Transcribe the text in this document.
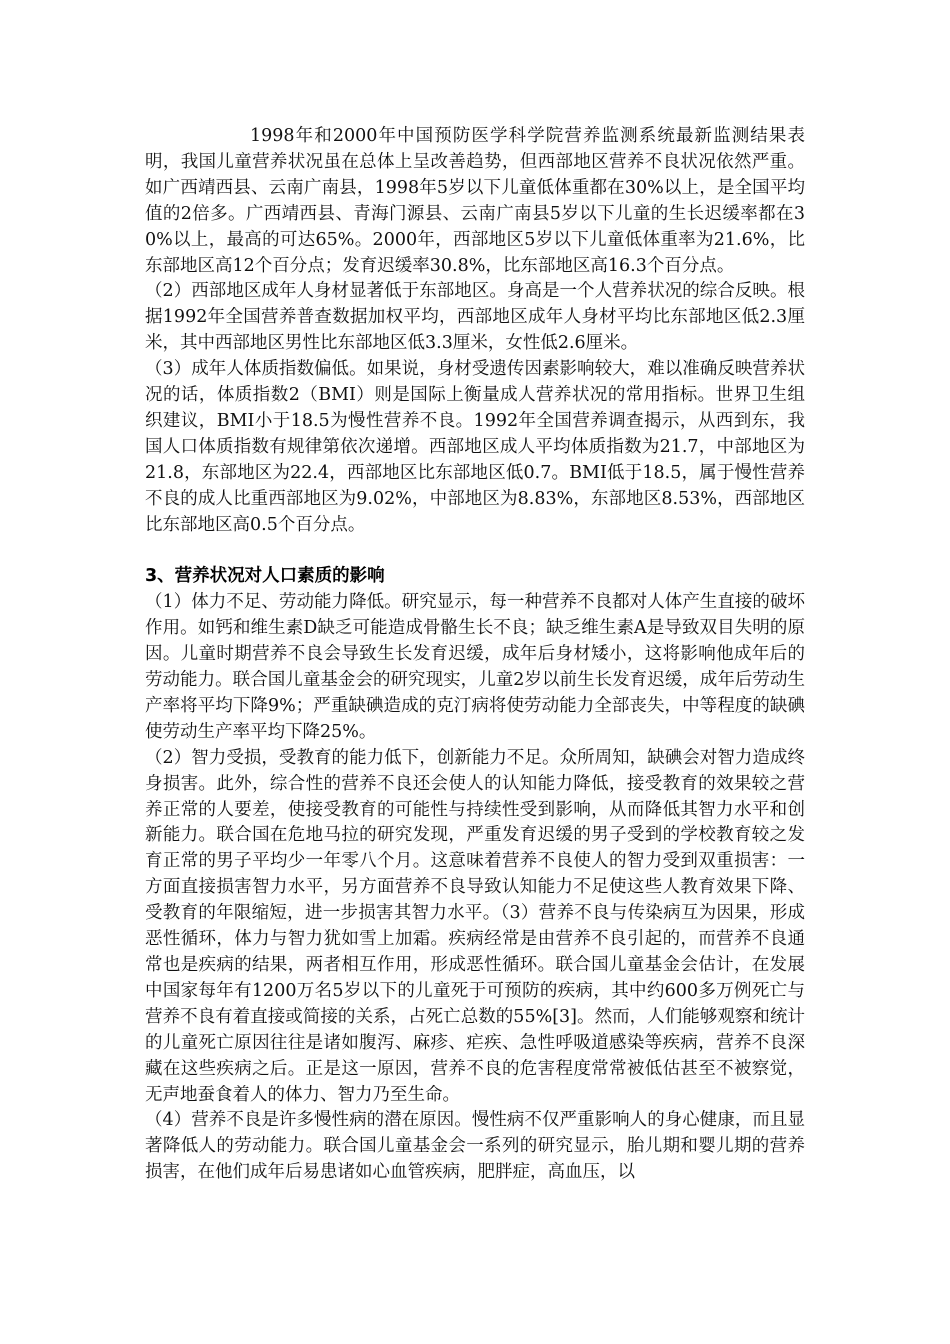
1998年和2000年中国预防医学科学院营养监测系统最新监测结果表明，我国儿童营养状况虽在总体上呈改善趋势，但西部地区营养不良状况依然严重。如广西靖西县、云南广南县，1998年5岁以下儿童低体重都在30%以上，是全国平均值的2倍多。广西靖西县、青海门源县、云南广南县5岁以下儿童的生长迟缓率都在30%以上，最高的可达65%。2000年，西部地区5岁以下儿童低体重率为21.6%，比东部地区高12个百分点；发育迟缓率30.8%，比东部地区高16.3个百分点。

（2）西部地区成年人身材显著低于东部地区。身高是一个人营养状况的综合反映。根据1992年全国营养普查数据加权平均，西部地区成年人身材平均比东部地区低2.3厘米，其中西部地区男性比东部地区低3.3厘米，女性低2.6厘米。

（3）成年人体质指数偏低。如果说，身材受遗传因素影响较大，难以准确反映营养状况的话，体质指数2（BMI）则是国际上衡量成人营养状况的常用指标。世界卫生组织建议，BMI小于18.5为慢性营养不良。1992年全国营养调查揭示，从西到东，我国人口体质指数有规律第依次递增。西部地区成人平均体质指数为21.7，中部地区为21.8，东部地区为22.4，西部地区比东部地区低0.7。BMI低于18.5，属于慢性营养不良的成人比重西部地区为9.02%，中部地区为8.83%，东部地区8.53%，西部地区比东部地区高0.5个百分点。

3、营养状况对人口素质的影响

（1）体力不足、劳动能力降低。研究显示，每一种营养不良都对人体产生直接的破坏作用。如钙和维生素D缺乏可能造成骨骼生长不良；缺乏维生素A是导致双目失明的原因。儿童时期营养不良会导致生长发育迟缓，成年后身材矮小，这将影响他成年后的劳动能力。联合国儿童基金会的研究现实，儿童2岁以前生长发育迟缓，成年后劳动生产率将平均下降9%；严重缺碘造成的克汀病将使劳动能力全部丧失，中等程度的缺碘使劳动生产率平均下降25%。

（2）智力受损，受教育的能力低下，创新能力不足。众所周知，缺碘会对智力造成终身损害。此外，综合性的营养不良还会使人的认知能力降低，接受教育的效果较之营养正常的人要差，使接受教育的可能性与持续性受到影响，从而降低其智力水平和创新能力。联合国在危地马拉的研究发现，严重发育迟缓的男子受到的学校教育较之发育正常的男子平均少一年零八个月。这意味着营养不良使人的智力受到双重损害：一方面直接损害智力水平，另方面营养不良导致认知能力不足使这些人教育效果下降、受教育的年限缩短，进一步损害其智力水平。（3）营养不良与传染病互为因果，形成恶性循环，体力与智力犹如雪上加霜。疾病经常是由营养不良引起的，而营养不良通常也是疾病的结果，两者相互作用，形成恶性循环。联合国儿童基金会估计，在发展中国家每年有1200万名5岁以下的儿童死于可预防的疾病，其中约600多万例死亡与营养不良有着直接或简接的关系，占死亡总数的55%[3]。然而，人们能够观察和统计的儿童死亡原因往往是诸如腹泻、麻疹、疟疾、急性呼吸道感染等疾病，营养不良深藏在这些疾病之后。正是这一原因，营养不良的危害程度常常被低估甚至不被察觉，无声地蚕食着人的体力、智力乃至生命。

（4）营养不良是许多慢性病的潜在原因。慢性病不仅严重影响人的身心健康，而且显著降低人的劳动能力。联合国儿童基金会一系列的研究显示，胎儿期和婴儿期的营养损害，在他们成年后易患诸如心血管疾病，肥胖症，高血压，以
